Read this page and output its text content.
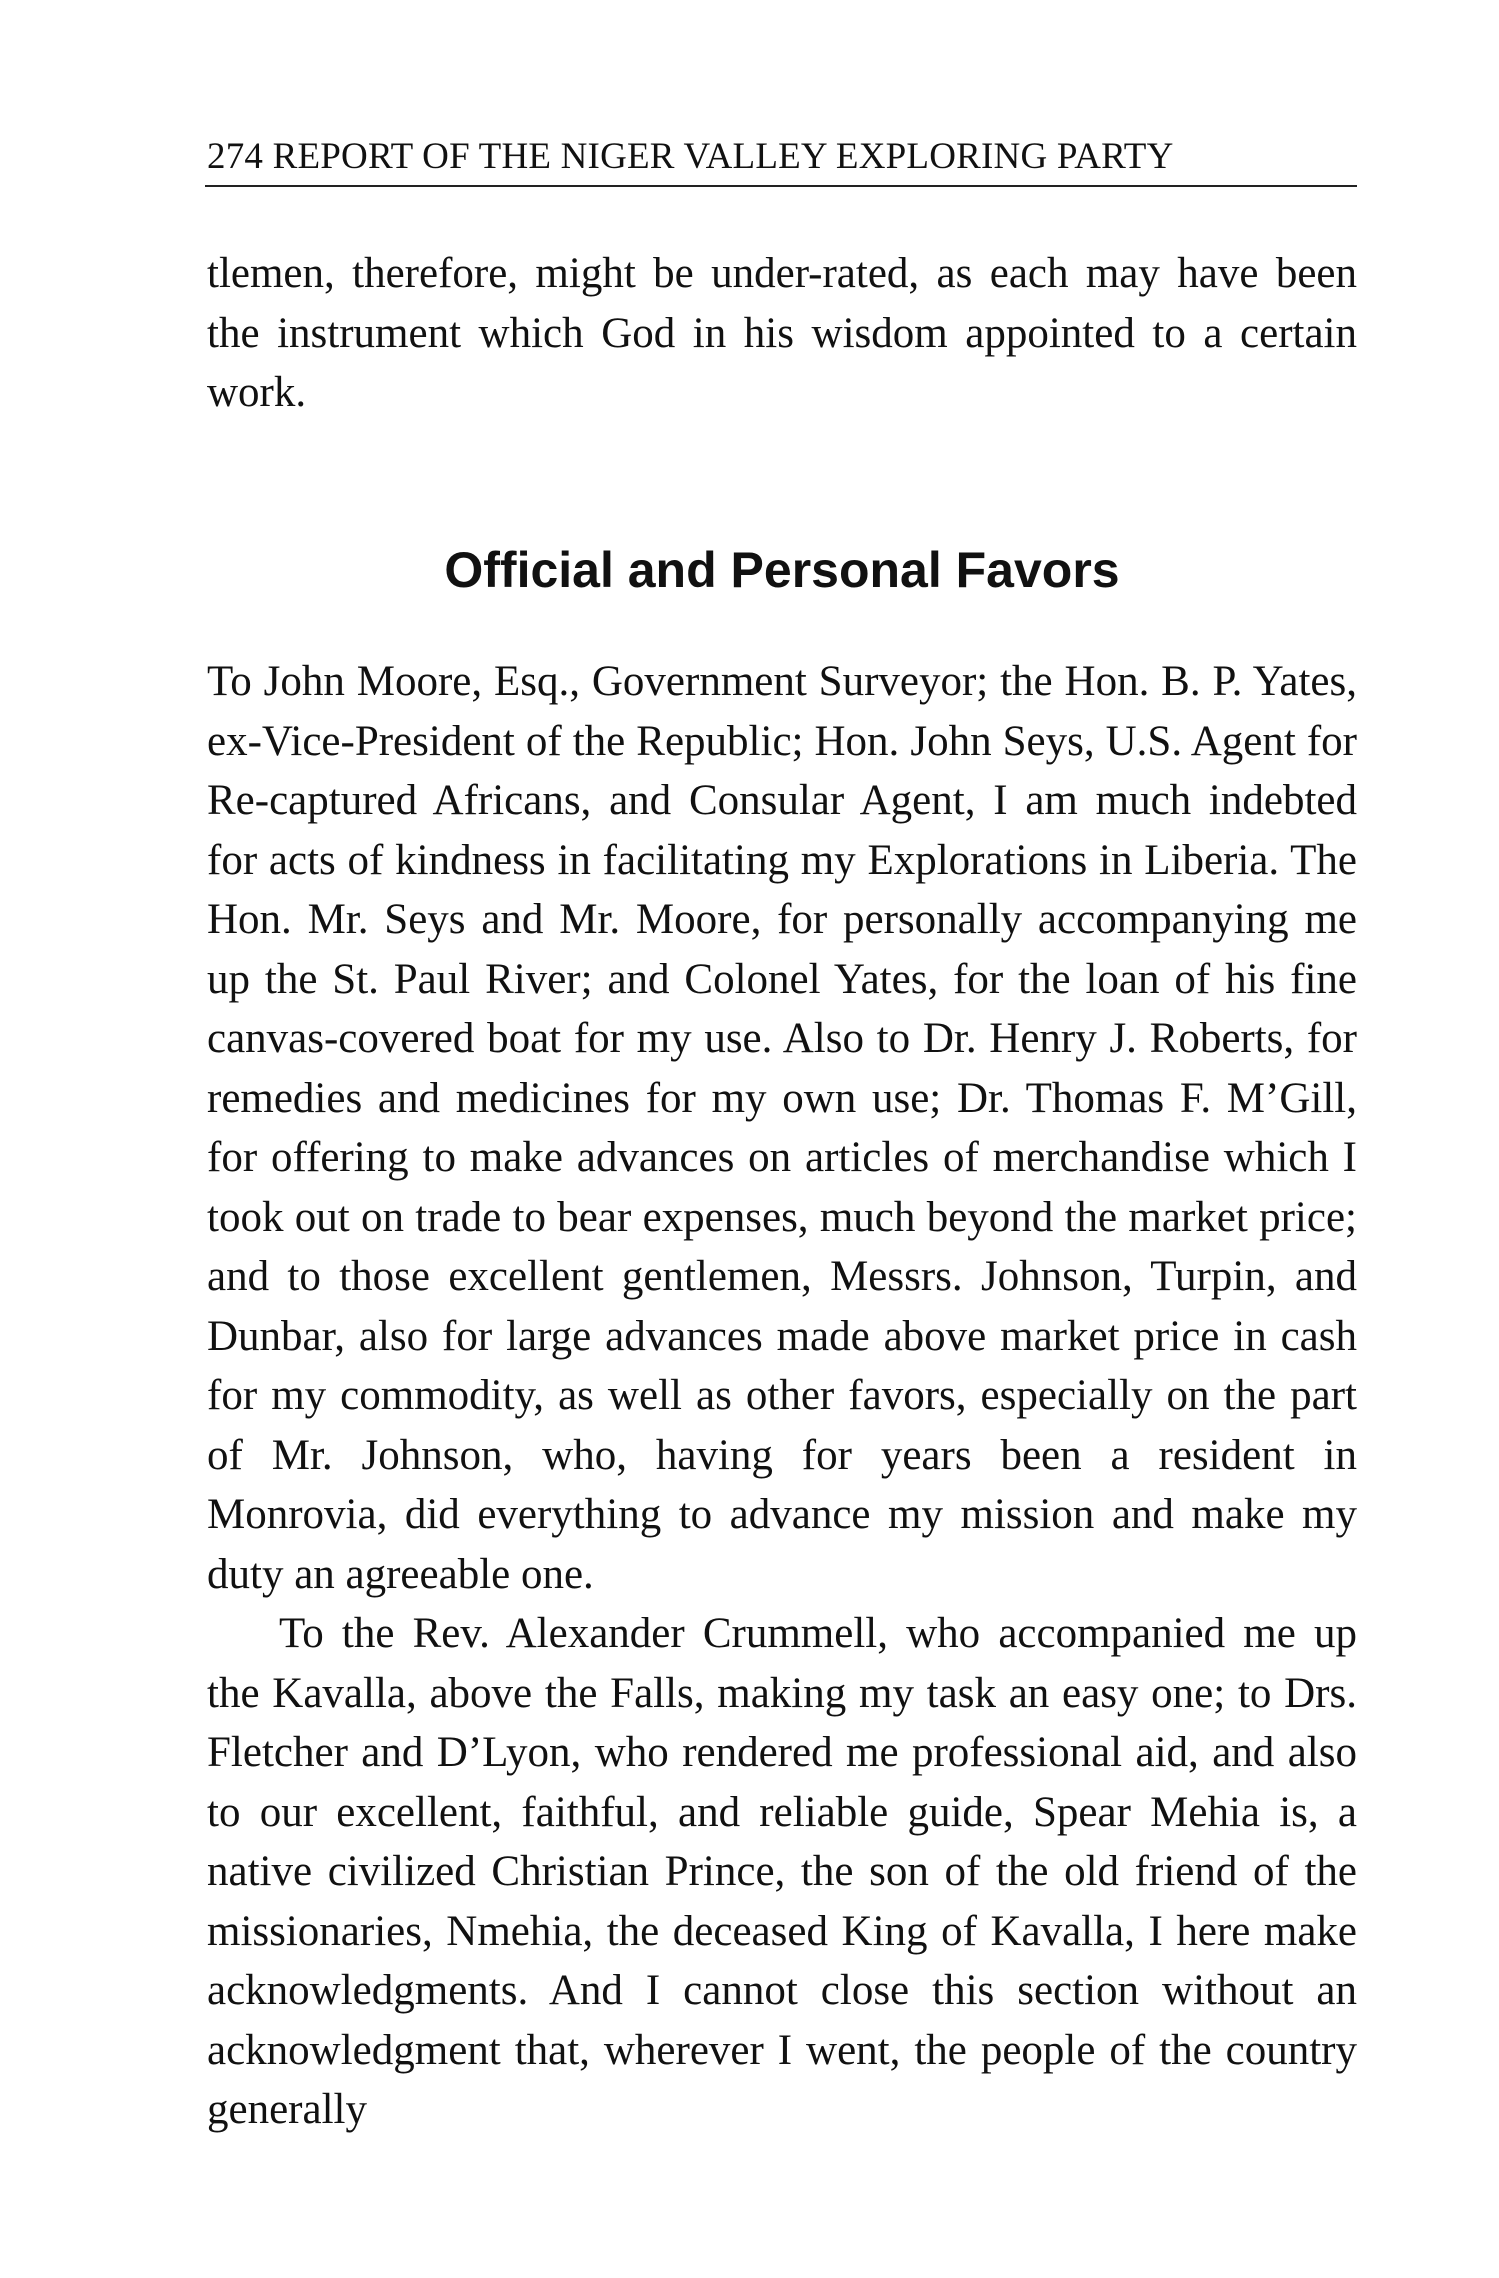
274 REPORT OF THE NIGER VALLEY EXPLORING PARTY

tlemen, therefore, might be under-rated, as each may have been the instrument which God in his wisdom appointed to a certain work.

Official and Personal Favors

To John Moore, Esq., Government Surveyor; the Hon. B. P. Yates, ex-Vice-President of the Republic; Hon. John Seys, U.S. Agent for Re-captured Africans, and Consular Agent, I am much indebted for acts of kindness in facilitating my Explorations in Liberia. The Hon. Mr. Seys and Mr. Moore, for personally accompanying me up the St. Paul River; and Colonel Yates, for the loan of his fine canvas-covered boat for my use. Also to Dr. Henry J. Roberts, for remedies and medicines for my own use; Dr. Thomas F. M’Gill, for offering to make advances on articles of merchandise which I took out on trade to bear expenses, much beyond the market price; and to those excellent gentlemen, Messrs. Johnson, Turpin, and Dunbar, also for large advances made above market price in cash for my commodity, as well as other favors, especially on the part of Mr. Johnson, who, having for years been a resident in Monrovia, did everything to advance my mission and make my duty an agreeable one.

To the Rev. Alexander Crummell, who accompanied me up the Kavalla, above the Falls, making my task an easy one; to Drs. Fletcher and D’Lyon, who rendered me professional aid, and also to our excellent, faithful, and reliable guide, Spear Mehia is, a native civilized Christian Prince, the son of the old friend of the missionaries, Nmehia, the deceased King of Kavalla, I here make acknowledgments. And I cannot close this section without an acknowledgment that, wherever I went, the people of the country generally
